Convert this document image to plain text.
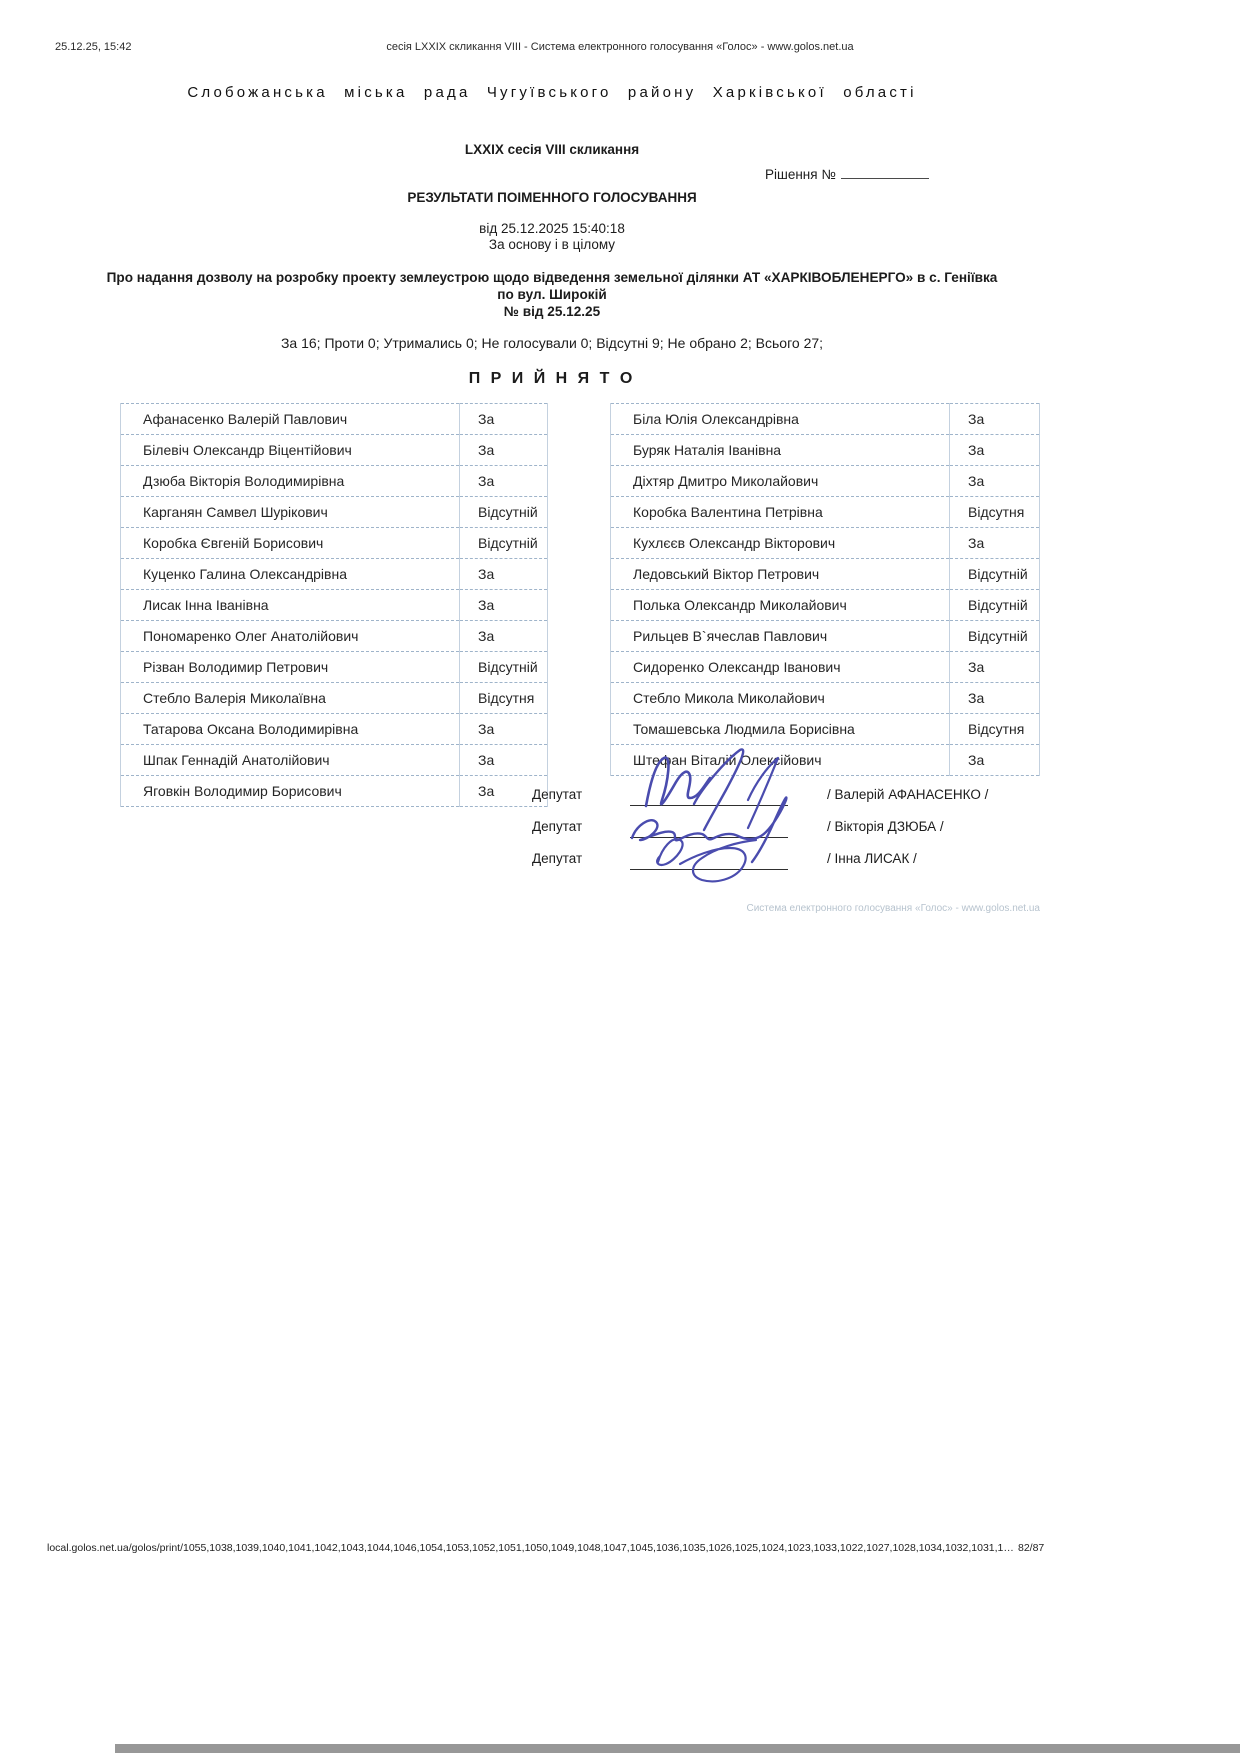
25.12.25, 15:42	сесія LXXIX скликання VIII - Система електронного голосування «Голос» - www.golos.net.ua
Слобожанська міська рада Чугуївського району Харківської області
LXXIX сесія VIII скликання
Рішення №
РЕЗУЛЬТАТИ ПОІМЕННОГО ГОЛОСУВАННЯ
від 25.12.2025 15:40:18
За основу і в цілому
Про надання дозволу на розробку проекту землеустрою щодо відведення земельної ділянки АТ «ХАРКІВОБЛЕНЕРГО» в с. Геніївка
по вул. Широкій
№ від 25.12.25
За 16; Проти 0; Утримались 0; Не голосували 0; Відсутні 9; Не обрано 2; Всього 27;
П Р И Й Н Я Т О
Афанасенко Валерій Павлович	За
Білевіч Олександр Віцентійович	За
Дзюба Вікторія Володимирівна	За
Карганян Самвел Шурікович	Відсутній
Коробка Євгеній Борисович	Відсутній
Куценко Галина Олександрівна	За
Лисак Інна Іванівна	За
Пономаренко Олег Анатолійович	За
Різван Володимир Петрович	Відсутній
Стебло Валерія Миколаївна	Відсутня
Татарова Оксана Володимирівна	За
Шпак Геннадій Анатолійович	За
Яговкін Володимир Борисович	За
Біла Юлія Олександрівна	За
Буряк Наталія Іванівна	За
Діхтяр Дмитро Миколайович	За
Коробка Валентина Петрівна	Відсутня
Кухлєєв Олександр Вікторович	За
Ледовський Віктор Петрович	Відсутній
Полька Олександр Миколайович	Відсутній
Рильцев В`ячеслав Павлович	Відсутній
Сидоренко Олександр Іванович	За
Стебло Микола Миколайович	За
Томашевська Людмила Борисівна	Відсутня
Штефан Віталій Олексійович	За
Депутат	/ Валерій АФАНАСЕНКО /
Депутат	/ Вікторія ДЗЮБА /
Депутат	/ Інна ЛИСАК /
Система електронного голосування «Голос» - www.golos.net.ua
local.golos.net.ua/golos/print/1055,1038,1039,1040,1041,1042,1043,1044,1046,1054,1053,1052,1051,1050,1049,1048,1047,1045,1036,1035,1026,1025,1024,1023,1033,1022,1027,1028,1034,1032,1031,1… 82/87
